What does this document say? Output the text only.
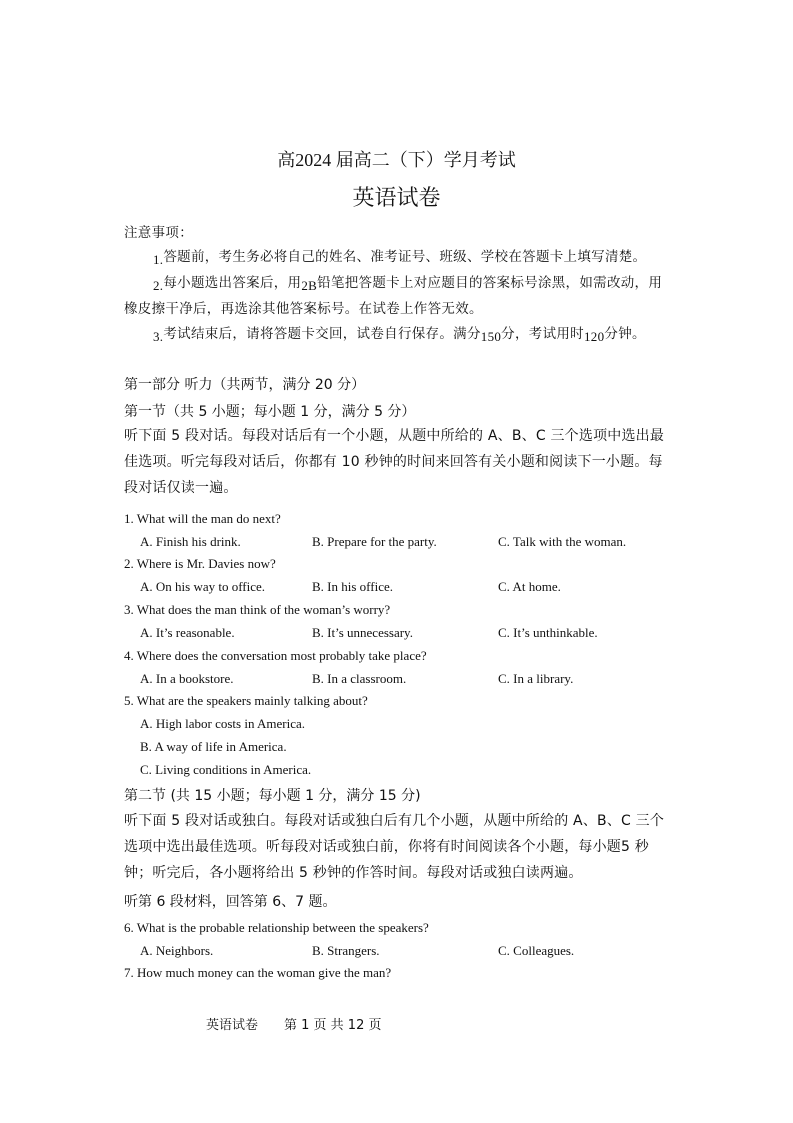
高2024 届高二（下）学月考试
英语试卷
注意事项：
$_{1.}$答题前，考生务必将自己的姓名、准考证号、班级、学校在答题卡上填写清楚。
$_{2.}$每小题选出答案后，用$_{2B}$铅笔把答题卡上对应题目的答案标号涂黑，如需改动，用
橡皮擦干净后，再选涂其他答案标号。在试卷上作答无效。
$_{3.}$考试结束后，请将答题卡交回，试卷自行保存。满分$_{150}$分，考试用时$_{120}$分钟。
第一部分 听力（共两节，满分 20 分）
第一节（共 5 小题；每小题 1 分，满分 5 分）
听下面 5 段对话。每段对话后有一个小题，从题中所给的 A、B、C 三个选项中选出最佳选项。听完每段对话后，你都有 10 秒钟的时间来回答有关小题和阅读下一小题。每段对话仅读一遍。
1. What will the man do next?
A. Finish his drink.	B. Prepare for the party.	C. Talk with the woman.
2. Where is Mr. Davies now?
A. On his way to office.	B. In his office.	C. At home.
3. What does the man think of the woman’s worry?
A. It’s reasonable.	B. It’s unnecessary.	C. It’s unthinkable.
4. Where does the conversation most probably take place?
A. In a bookstore.	B. In a classroom.	C. In a library.
5. What are the speakers mainly talking about?
A. High labor costs in America.
B. A way of life in America.
C. Living conditions in America.
第二节 (共 15 小题；每小题 1 分，满分 15 分)
听下面 5 段对话或独白。每段对话或独白后有几个小题，从题中所给的 A、B、C 三个选项中选出最佳选项。听每段对话或独白前，你将有时间阅读各个小题，每小题5 秒钟；听完后，各小题将给出 5 秒钟的作答时间。每段对话或独白读两遍。
听第 6 段材料，回答第 6、7 题。
6. What is the probable relationship between the speakers?
A. Neighbors.	B. Strangers.	C. Colleagues.
7. How much money can the woman give the man?
英语试卷 第 1 页 共 12 页
